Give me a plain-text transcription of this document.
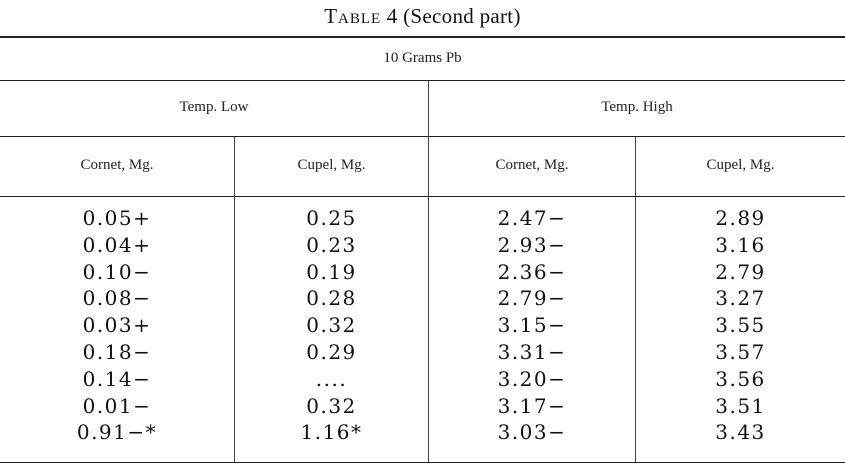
Table 4 (Second part)
10 Grams Pb
Temp. Low	Temp. High
Cornet, Mg.	Cupel, Mg.	Cornet, Mg.	Cupel, Mg.
0.05+	0.25	2.47−	2.89
0.04+	0.23	2.93−	3.16
0.10−	0.19	2.36−	2.79
0.08−	0.28	2.79−	3.27
0.03+	0.32	3.15−	3.55
0.18−	0.29	3.31−	3.57
0.14−	....	3.20−	3.56
0.01−	0.32	3.17−	3.51
0.91−*	1.16*	3.03−	3.43
